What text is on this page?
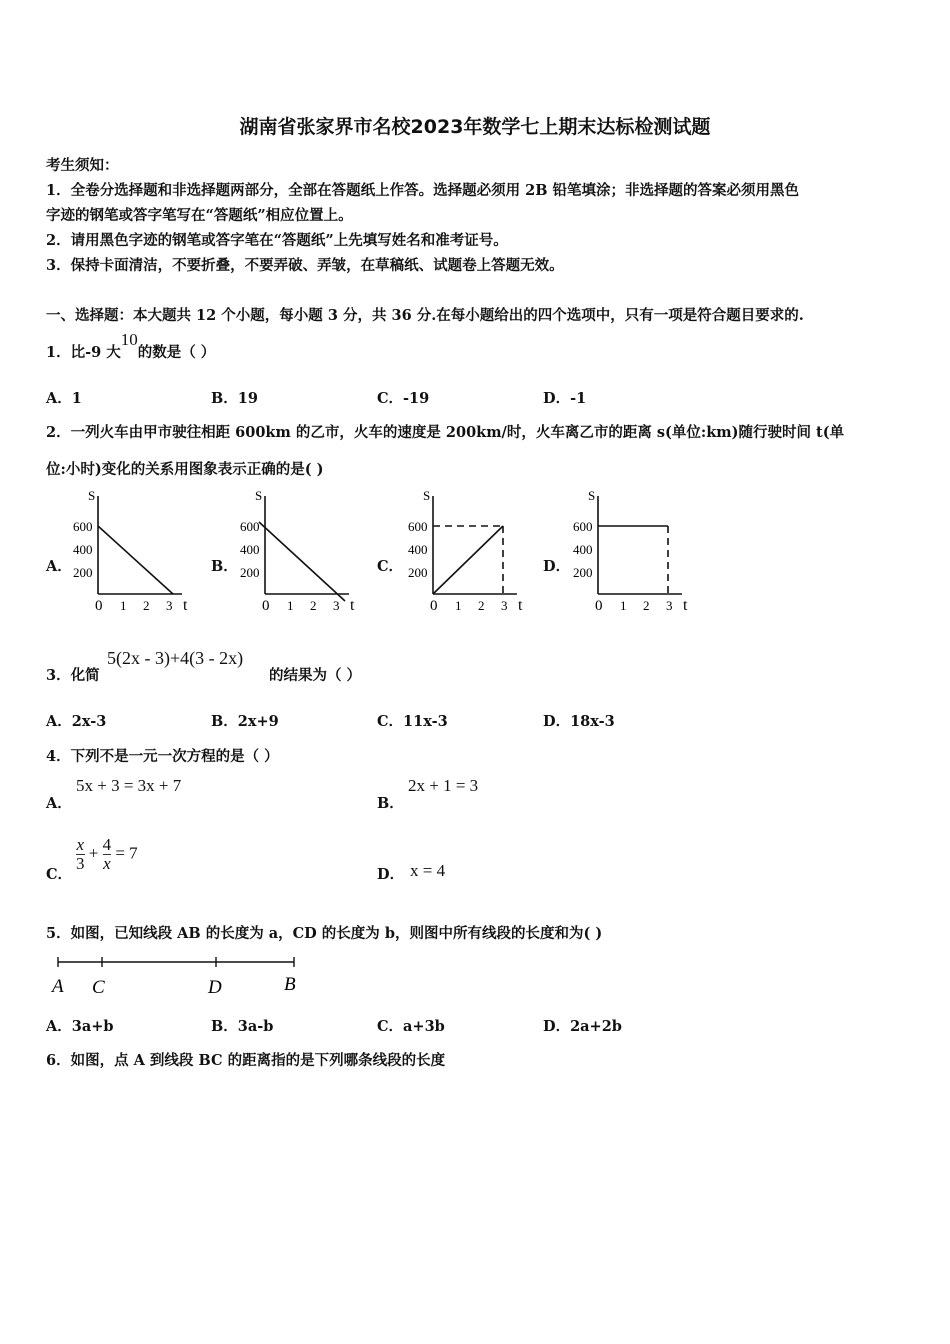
湖南省张家界市名校2023年数学七上期末达标检测试题
考生须知：
1．全卷分选择题和非选择题两部分，全部在答题纸上作答。选择题必须用 2B 铅笔填涂；非选择题的答案必须用黑色
字迹的钢笔或答字笔写在“答题纸”相应位置上。
2．请用黑色字迹的钢笔或答字笔在“答题纸”上先填写姓名和准考证号。
3．保持卡面清洁，不要折叠，不要弄破、弄皱，在草稿纸、试题卷上答题无效。
一、选择题：本大题共 12 个小题，每小题 3 分，共 36 分.在每小题给出的四个选项中，只有一项是符合题目要求的.
1．比-9 大10的数是（ ）
A．1	B．19	C．-19	D．-1
2．一列火车由甲市驶往相距 600km 的乙市，火车的速度是 200km/时，火车离乙市的距离 s(单位:km)随行驶时间 t(单
位:小时)变化的关系用图象表示正确的是( )
A．	B．	C．	D．
S
600
400
200
0 1 2 3 t
S
600
400
200
0 1 2 3 t
S
600
400
200
0 1 2 3 t
S
600
400
200
0 1 2 3 t
3．化简
5(2x - 3)+4(3 - 2x)
的结果为（ ）
A．2x-3	B．2x+9	C．11x-3	D．18x-3
4．下列不是一元一次方程的是（ ）
A．
5x + 3 = 3x + 7
B．
2x + 1 = 3
C．
$\frac{x}{3} + \frac{4}{x} = 7$
D． x = 4
5．如图，已知线段 AB 的长度为 a，CD 的长度为 b，则图中所有线段的长度和为( )
A C	D	B
A．3a+b	B．3a-b	C．a+3b	D．2a+2b
6．如图，点 A 到线段 BC 的距离指的是下列哪条线段的长度
